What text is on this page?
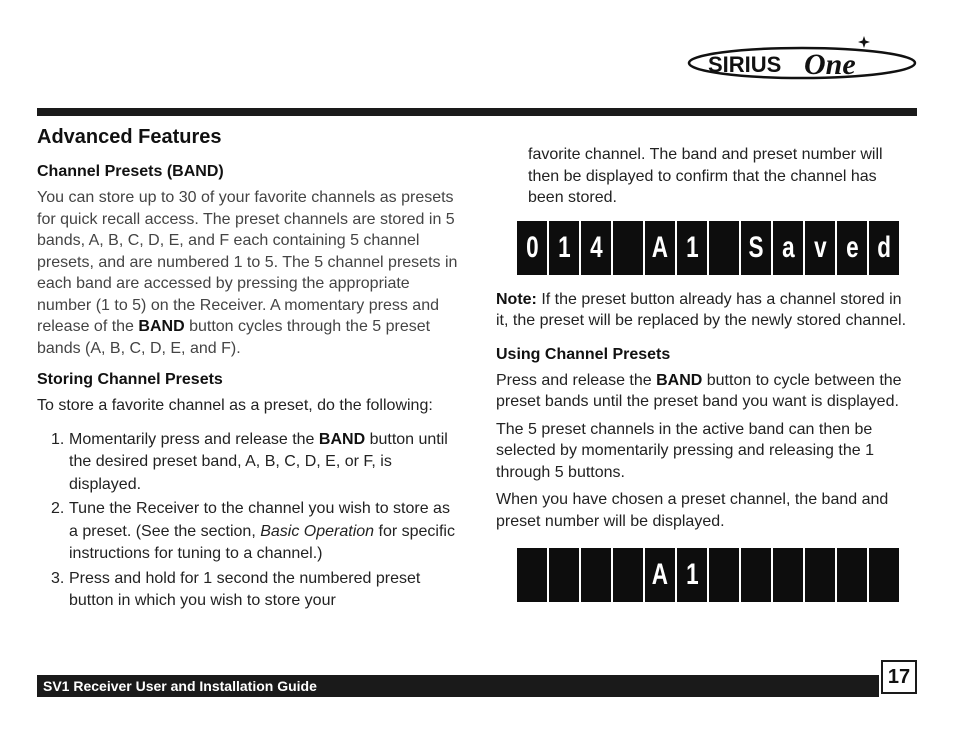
SIRIUS One
Advanced Features
Channel Presets (BAND)

You can store up to 30 of your favorite channels as presets for quick recall access. The preset channels are stored in 5 bands, A, B, C, D, E, and F each containing 5 channel presets, and are numbered 1 to 5. The 5 channel presets in each band are accessed by pressing the appropriate number (1 to 5) on the Receiver. A momentary press and release of the BAND button cycles through the 5 preset bands (A, B, C, D, E, and F).

Storing Channel Presets

To store a favorite channel as a preset, do the following:

1. Momentarily press and release the BAND button until the desired preset band, A, B, C, D, E, or F, is displayed.
2. Tune the Receiver to the channel you wish to store as a preset. (See the section, Basic Operation for specific instructions for tuning to a channel.)
3. Press and hold for 1 second the numbered preset button in which you wish to store your

favorite channel. The band and preset number will then be displayed to confirm that the channel has been stored.

0 1 4 A 1 S a v e d

Note: If the preset button already has a channel stored in it, the preset will be replaced by the newly stored channel.

Using Channel Presets

Press and release the BAND button to cycle between the preset bands until the preset band you want is displayed.

The 5 preset channels in the active band can then be selected by momentarily pressing and releasing the 1 through 5 buttons.

When you have chosen a preset channel, the band and preset number will be displayed.

A 1
SV1 Receiver User and Installation Guide	17
